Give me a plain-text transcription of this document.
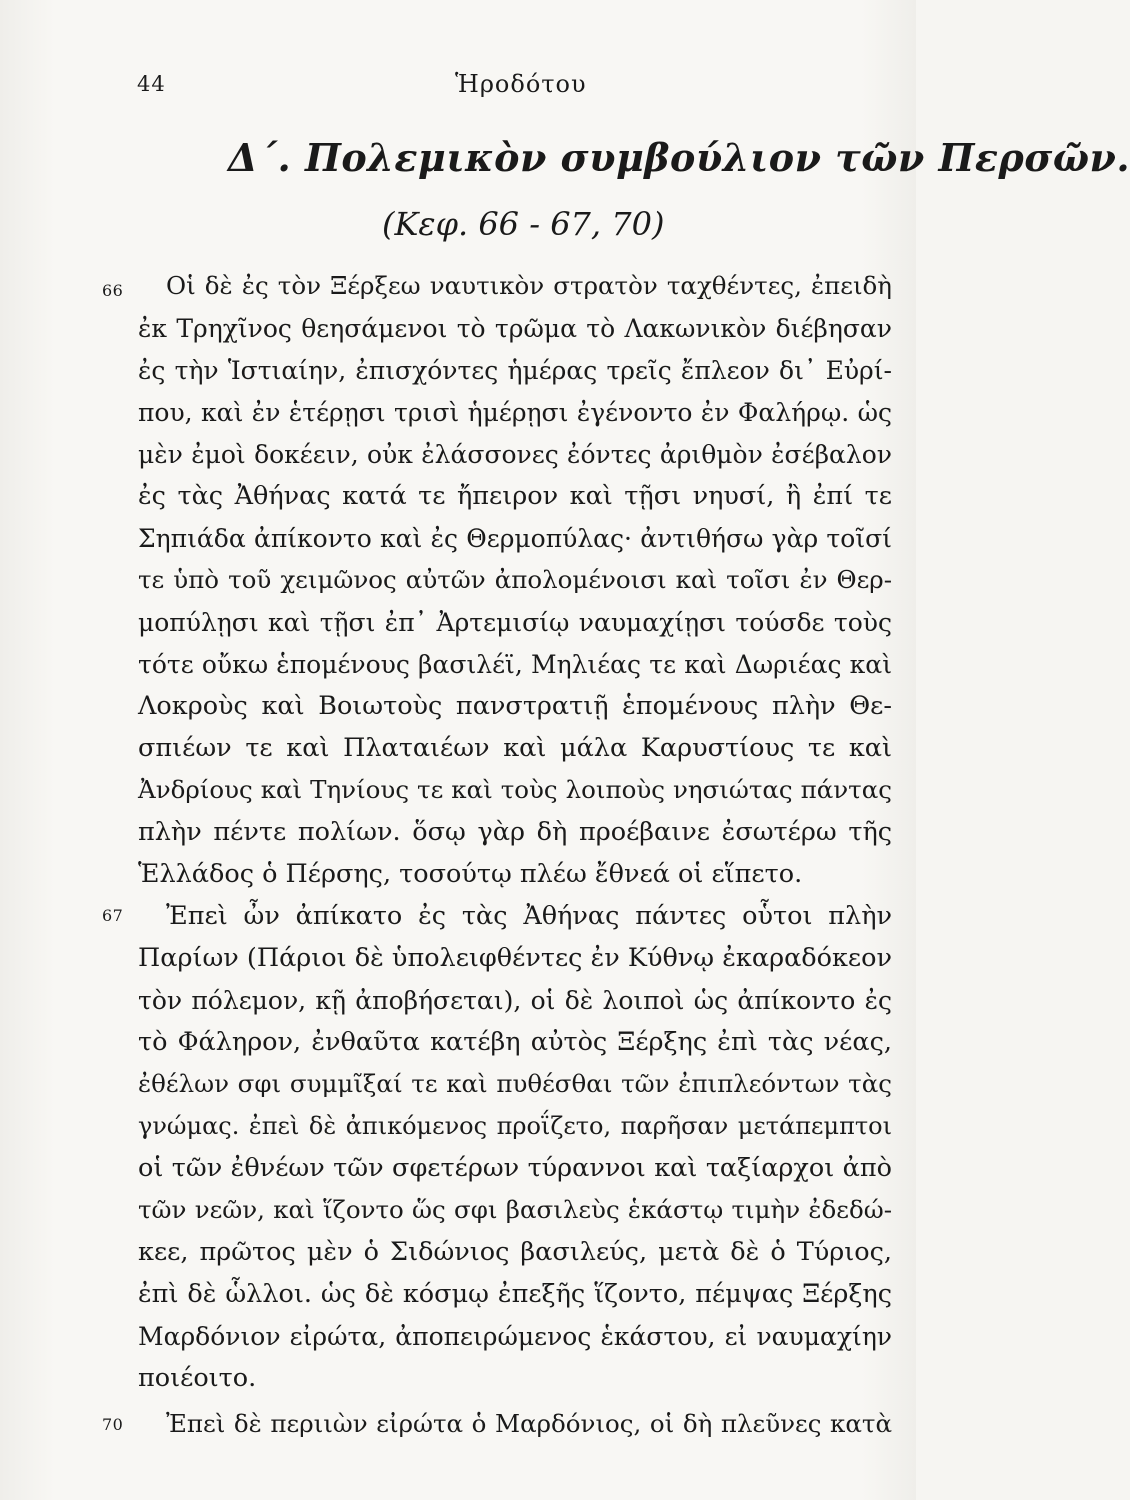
44	Ἡροδότου
Δ΄. Πολεμικὸν συμβούλιον τῶν Περσῶν.
(Κεφ. 66 - 67, 70)
66 Οἱ δὲ ἐς τὸν Ξέρξεω ναυτικὸν στρατὸν ταχθέντες, ἐπειδὴ
ἐκ Τρηχῖνος θεησάμενοι τὸ τρῶμα τὸ Λακωνικὸν διέβησαν
ἐς τὴν Ἱστιαίην, ἐπισχόντες ἡμέρας τρεῖς ἔπλεον δι᾿ Εὐρί-
που, καὶ ἐν ἑτέρῃσι τρισὶ ἡμέρῃσι ἐγένοντο ἐν Φαλήρῳ. ὡς
μὲν ἐμοὶ δοκέειν, οὐκ ἐλάσσονες ἐόντες ἀριθμὸν ἐσέβαλον
ἐς τὰς Ἀθήνας κατά τε ἤπειρον καὶ τῇσι νηυσί, ἢ ἐπί τε
Σηπιάδα ἀπίκοντο καὶ ἐς Θερμοπύλας· ἀντιθήσω γὰρ τοῖσί
τε ὑπὸ τοῦ χειμῶνος αὐτῶν ἀπολομένοισι καὶ τοῖσι ἐν Θερ-
μοπύλῃσι καὶ τῇσι ἐπ᾿ Ἀρτεμισίῳ ναυμαχίῃσι τούσδε τοὺς
τότε οὔκω ἑπομένους βασιλέϊ, Μηλιέας τε καὶ Δωριέας καὶ
Λοκροὺς καὶ Βοιωτοὺς πανστρατιῇ ἑπομένους πλὴν Θε-
σπιέων τε καὶ Πλαταιέων καὶ μάλα Καρυστίους τε καὶ
Ἀνδρίους καὶ Τηνίους τε καὶ τοὺς λοιποὺς νησιώτας πάντας
πλὴν πέντε πολίων. ὅσῳ γὰρ δὴ προέβαινε ἐσωτέρω τῆς
Ἑλλάδος ὁ Πέρσης, τοσούτῳ πλέω ἔθνεά οἱ εἵπετο.
67 Ἐπεὶ ὦν ἀπίκατο ἐς τὰς Ἀθήνας πάντες οὗτοι πλὴν
Παρίων (Πάριοι δὲ ὑπολειφθέντες ἐν Κύθνῳ ἐκαραδόκεον
τὸν πόλεμον, κῇ ἀποβήσεται), οἱ δὲ λοιποὶ ὡς ἀπίκοντο ἐς
τὸ Φάληρον, ἐνθαῦτα κατέβη αὐτὸς Ξέρξης ἐπὶ τὰς νέας,
ἐθέλων σφι συμμῖξαί τε καὶ πυθέσθαι τῶν ἐπιπλεόντων τὰς
γνώμας. ἐπεὶ δὲ ἀπικόμενος προΐζετο, παρῆσαν μετάπεμπτοι
οἱ τῶν ἐθνέων τῶν σφετέρων τύραννοι καὶ ταξίαρχοι ἀπὸ
τῶν νεῶν, καὶ ἵζοντο ὥς σφι βασιλεὺς ἑκάστῳ τιμὴν ἐδεδώ-
κεε, πρῶτος μὲν ὁ Σιδώνιος βασιλεύς, μετὰ δὲ ὁ Τύριος,
ἐπὶ δὲ ὧλλοι. ὡς δὲ κόσμῳ ἐπεξῆς ἵζοντο, πέμψας Ξέρξης
Μαρδόνιον εἰρώτα, ἀποπειρώμενος ἑκάστου, εἰ ναυμαχίην
ποιέοιτο.
70 Ἐπεὶ δὲ περιιὼν εἰρώτα ὁ Μαρδόνιος, οἱ δὴ πλεῦνες κατὰ
